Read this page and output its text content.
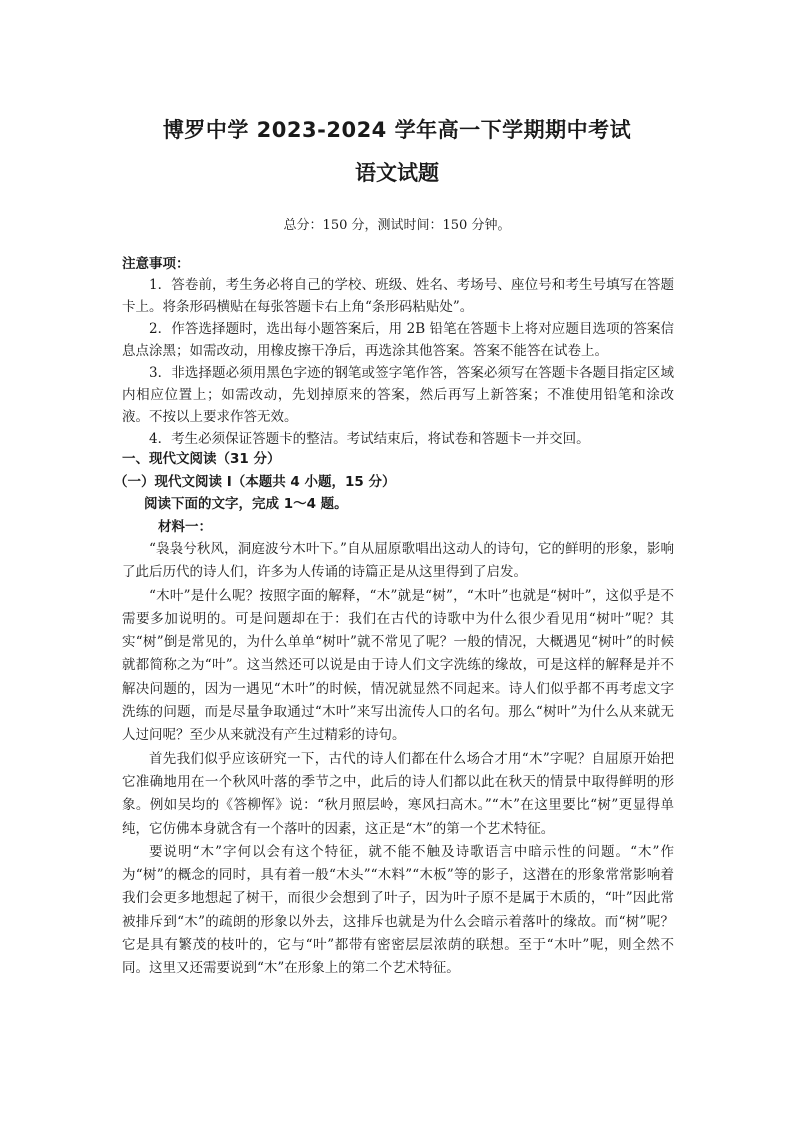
博罗中学 2023-2024 学年高一下学期期中考试
语文试题
总分：150 分，测试时间：150 分钟。
注意事项：

1．答卷前，考生务必将自己的学校、班级、姓名、考场号、座位号和考生号填写在答题卡上。将条形码横贴在每张答题卡右上角“条形码粘贴处”。

2．作答选择题时，选出每小题答案后，用 2B 铅笔在答题卡上将对应题目选项的答案信息点涂黑；如需改动，用橡皮擦干净后，再选涂其他答案。答案不能答在试卷上。

3．非选择题必须用黑色字迹的钢笔或签字笔作答，答案必须写在答题卡各题目指定区域内相应位置上；如需改动，先划掉原来的答案，然后再写上新答案；不准使用铅笔和涂改液。不按以上要求作答无效。

4．考生必须保证答题卡的整洁。考试结束后，将试卷和答题卡一并交回。

一、现代文阅读（31 分）
（一）现代文阅读 I（本题共 4 小题，15 分）
阅读下面的文字，完成 1～4 题。
材料一：

“袅袅兮秋风，洞庭波兮木叶下。”自从屈原歌唱出这动人的诗句，它的鲜明的形象，影响了此后历代的诗人们，许多为人传诵的诗篇正是从这里得到了启发。

“木叶”是什么呢？按照字面的解释，“木”就是“树”，“木叶”也就是“树叶”，这似乎是不需要多加说明的。可是问题却在于：我们在古代的诗歌中为什么很少看见用“树叶”呢？其实“树”倒是常见的，为什么单单“树叶”就不常见了呢？一般的情况，大概遇见“树叶”的时候就都简称之为“叶”。这当然还可以说是由于诗人们文字洗练的缘故，可是这样的解释是并不解决问题的，因为一遇见“木叶”的时候，情况就显然不同起来。诗人们似乎都不再考虑文字洗练的问题，而是尽量争取通过“木叶”来写出流传人口的名句。那么“树叶”为什么从来就无人过问呢？至少从来就没有产生过精彩的诗句。

首先我们似乎应该研究一下，古代的诗人们都在什么场合才用“木”字呢？自屈原开始把它准确地用在一个秋风叶落的季节之中，此后的诗人们都以此在秋天的情景中取得鲜明的形象。例如吴均的《答柳恽》说：“秋月照层岭，寒风扫高木。”“木”在这里要比“树”更显得单纯，它仿佛本身就含有一个落叶的因素，这正是“木”的第一个艺术特征。

要说明“木”字何以会有这个特征，就不能不触及诗歌语言中暗示性的问题。“木”作为“树”的概念的同时，具有着一般“木头”“木料”“木板”等的影子，这潜在的形象常常影响着我们会更多地想起了树干，而很少会想到了叶子，因为叶子原不是属于木质的，“叶”因此常被排斥到“木”的疏朗的形象以外去，这排斥也就是为什么会暗示着落叶的缘故。而“树”呢？它是具有繁茂的枝叶的，它与“叶”都带有密密层层浓荫的联想。至于“木叶”呢，则全然不同。这里又还需要说到“木”在形象上的第二个艺术特征。
